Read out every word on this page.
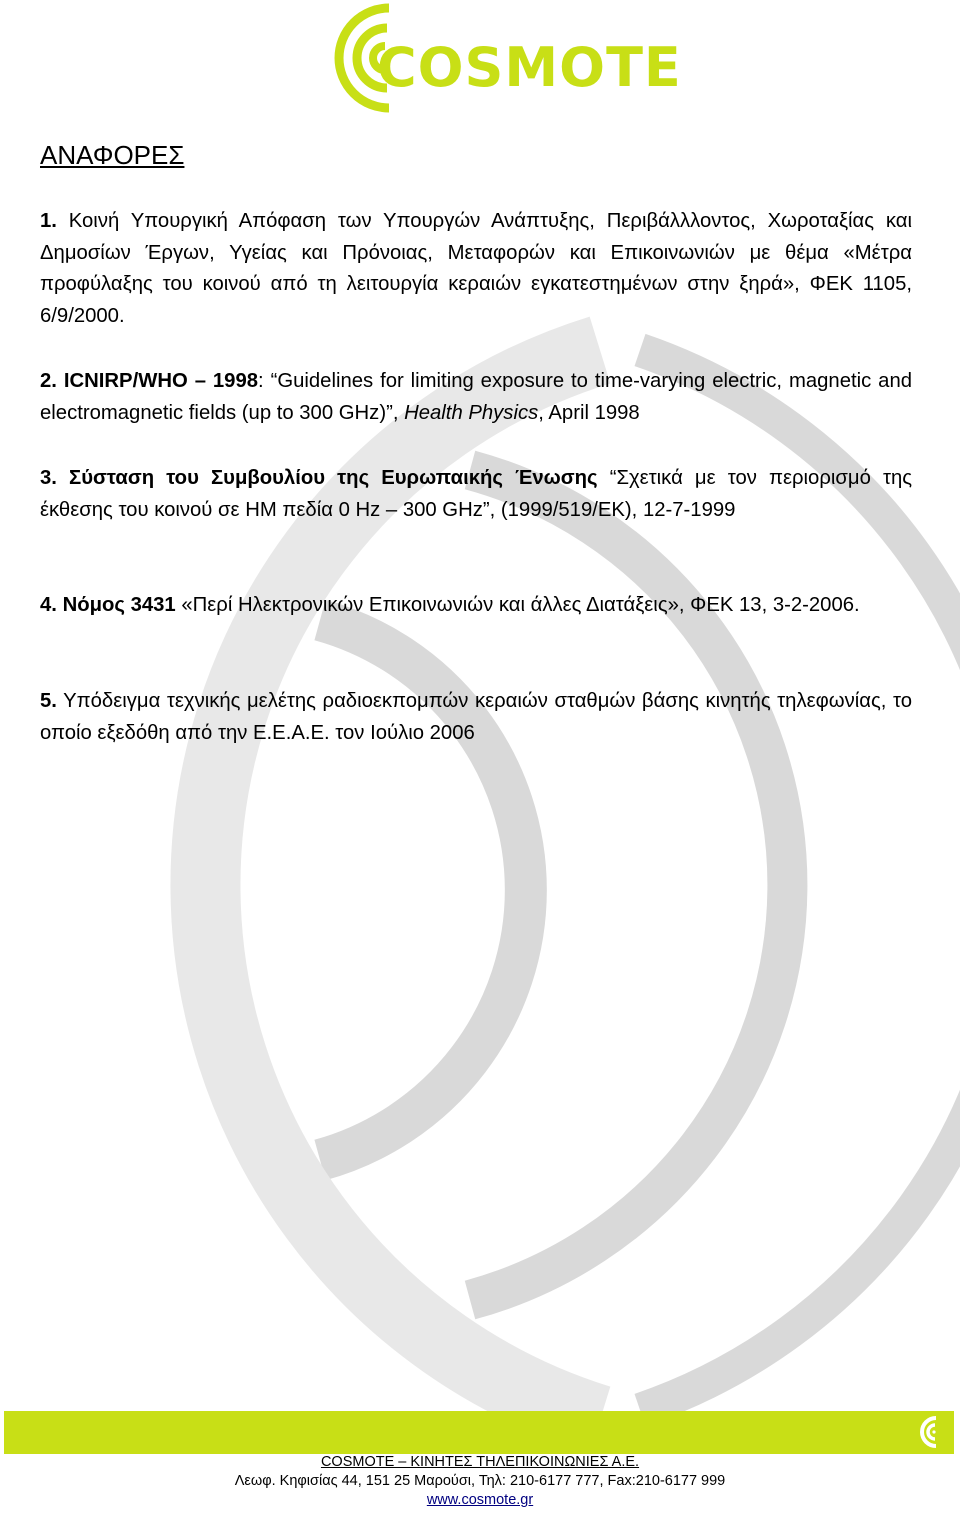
COSMOTE
ΑΝΑΦΟΡΕΣ

1. Κοινή Υπουργική Απόφαση των Υπουργών Ανάπτυξης, Περιβάλλλοντος, Χωροταξίας και Δημοσίων Έργων, Υγείας και Πρόνοιας, Μεταφορών και Επικοινωνιών με θέμα «Μέτρα προφύλαξης του κοινού από τη λειτουργία κεραιών εγκατεστημένων στην ξηρά», ΦΕΚ 1105, 6/9/2000.

2. ICNIRP/WHO – 1998: “Guidelines for limiting exposure to time-varying electric, magnetic and electromagnetic fields (up to 300 GHz)”, Health Physics, April 1998

3. Σύσταση του Συμβουλίου της Ευρωπαικής Ένωσης “Σχετικά με τον περιορισμό της έκθεσης του κοινού σε ΗΜ πεδία 0 Hz – 300 GHz”, (1999/519/ΕΚ), 12-7-1999

4. Νόμος 3431 «Περί Ηλεκτρονικών Επικοινωνιών και άλλες Διατάξεις», ΦΕΚ 13, 3-2-2006.

5. Υπόδειγμα τεχνικής μελέτης ραδιοεκπομπών κεραιών σταθμών βάσης κινητής τηλεφωνίας, το οποίο εξεδόθη από την Ε.Ε.Α.Ε. τον Ιούλιο 2006

COSMOTE – ΚΙΝΗΤΕΣ ΤΗΛΕΠΙΚΟΙΝΩΝΙΕΣ Α.Ε.
Λεωφ. Κηφισίας 44, 151 25 Μαρούσι, Τηλ: 210-6177 777, Fax:210-6177 999
www.cosmote.gr
